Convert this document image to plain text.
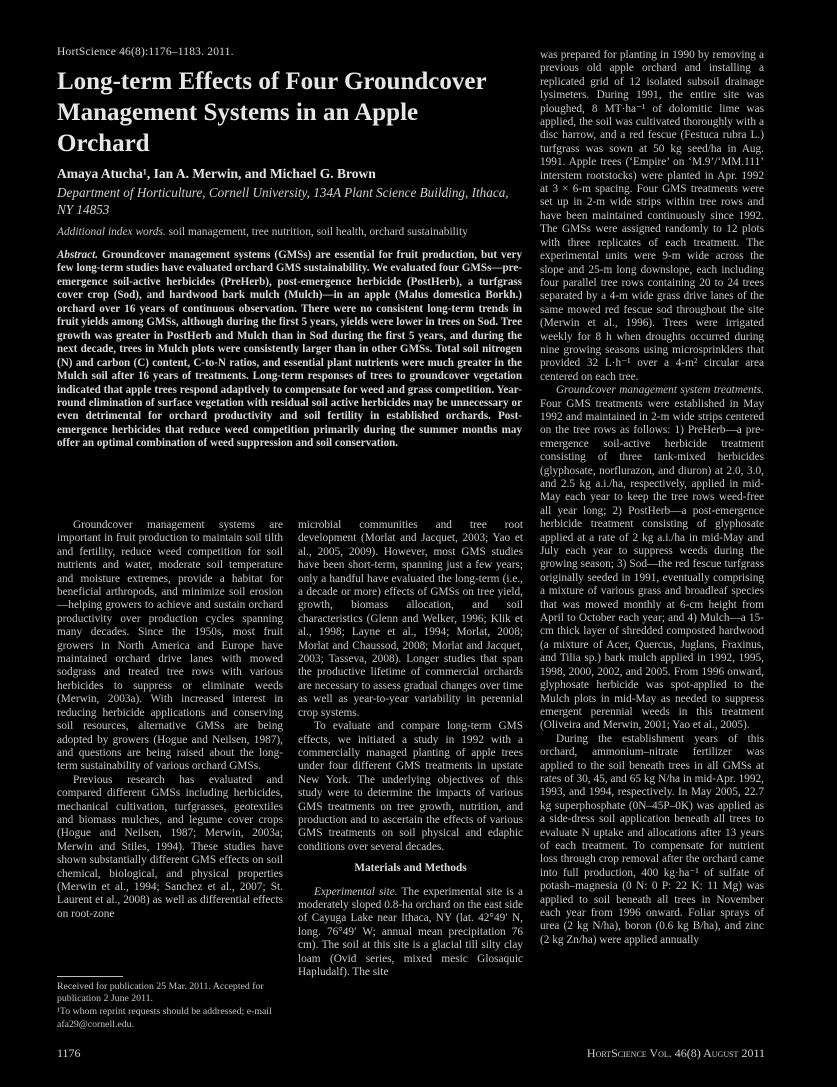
HortScience 46(8):1176–1183. 2011.
Long-term Effects of Four Groundcover Management Systems in an Apple Orchard
Amaya Atucha¹, Ian A. Merwin, and Michael G. Brown
Department of Horticulture, Cornell University, 134A Plant Science Building, Ithaca, NY 14853
Additional index words. soil management, tree nutrition, soil health, orchard sustainability
Abstract. Groundcover management systems (GMSs) are essential for fruit production, but very few long-term studies have evaluated orchard GMS sustainability. We evaluated four GMSs—pre-emergence soil-active herbicides (PreHerb), post-emergence herbicide (PostHerb), a turfgrass cover crop (Sod), and hardwood bark mulch (Mulch)—in an apple (Malus domestica Borkh.) orchard over 16 years of continuous observation. There were no consistent long-term trends in fruit yields among GMSs, although during the first 5 years, yields were lower in trees on Sod. Tree growth was greater in PostHerb and Mulch than in Sod during the first 5 years, and during the next decade, trees in Mulch plots were consistently larger than in other GMSs. Total soil nitrogen (N) and carbon (C) content, C-to-N ratios, and essential plant nutrients were much greater in the Mulch soil after 16 years of treatments. Long-term responses of trees to groundcover vegetation indicated that apple trees respond adaptively to compensate for weed and grass competition. Year-round elimination of surface vegetation with residual soil active herbicides may be unnecessary or even detrimental for orchard productivity and soil fertility in established orchards. Post-emergence herbicides that reduce weed competition primarily during the summer months may offer an optimal combination of weed suppression and soil conservation.

Groundcover management systems are important in fruit production to maintain soil tilth and fertility, reduce weed competition for soil nutrients and water, moderate soil temperature and moisture extremes, provide a habitat for beneficial arthropods, and minimize soil erosion—helping growers to achieve and sustain orchard productivity over production cycles spanning many decades. Since the 1950s, most fruit growers in North America and Europe have maintained orchard drive lanes with mowed sodgrass and treated tree rows with various herbicides to suppress or eliminate weeds (Merwin, 2003a). With increased interest in reducing herbicide applications and conserving soil resources, alternative GMSs are being adopted by growers (Hogue and Neilsen, 1987), and questions are being raised about the long-term sustainability of various orchard GMSs.

Previous research has evaluated and compared different GMSs including herbicides, mechanical cultivation, turfgrasses, geotextiles and biomass mulches, and legume cover crops (Hogue and Neilsen, 1987; Merwin, 2003a; Merwin and Stiles, 1994). These studies have shown substantially different GMS effects on soil chemical, biological, and physical properties (Merwin et al., 1994; Sanchez et al., 2007; St. Laurent et al., 2008) as well as differential effects on root-zone

microbial communities and tree root development (Morlat and Jacquet, 2003; Yao et al., 2005, 2009). However, most GMS studies have been short-term, spanning just a few years; only a handful have evaluated the long-term (i.e., a decade or more) effects of GMSs on tree yield, growth, biomass allocation, and soil characteristics (Glenn and Welker, 1996; Klik et al., 1998; Layne et al., 1994; Morlat, 2008; Morlat and Chaussod, 2008; Morlat and Jacquet, 2003; Tasseva, 2008). Longer studies that span the productive lifetime of commercial orchards are necessary to assess gradual changes over time as well as year-to-year variability in perennial crop systems.

To evaluate and compare long-term GMS effects, we initiated a study in 1992 with a commercially managed planting of apple trees under four different GMS treatments in upstate New York. The underlying objectives of this study were to determine the impacts of various GMS treatments on tree growth, nutrition, and production and to ascertain the effects of various GMS treatments on soil physical and edaphic conditions over several decades.

Materials and Methods

Experimental site. The experimental site is a moderately sloped 0.8-ha orchard on the east side of Cayuga Lake near Ithaca, NY (lat. 42°49′ N, long. 76°49′ W; annual mean precipitation 76 cm). The soil at this site is a glacial till silty clay loam (Ovid series, mixed mesic Glosaquic Hapludalf). The site

was prepared for planting in 1990 by removing a previous old apple orchard and installing a replicated grid of 12 isolated subsoil drainage lysimeters. During 1991, the entire site was ploughed, 8 MT·ha⁻¹ of dolomitic lime was applied, the soil was cultivated thoroughly with a disc harrow, and a red fescue (Festuca rubra L.) turfgrass was sown at 50 kg seed/ha in Aug. 1991. Apple trees (‘Empire’ on ‘M.9’/‘MM.111’ interstem rootstocks) were planted in Apr. 1992 at 3 × 6-m spacing. Four GMS treatments were set up in 2-m wide strips within tree rows and have been maintained continuously since 1992. The GMSs were assigned randomly to 12 plots with three replicates of each treatment. The experimental units were 9-m wide across the slope and 25-m long downslope, each including four parallel tree rows containing 20 to 24 trees separated by a 4-m wide grass drive lanes of the same mowed red fescue sod throughout the site (Merwin et al., 1996). Trees were irrigated weekly for 8 h when droughts occurred during nine growing seasons using microsprinklers that provided 32 L·h⁻¹ over a 4-m² circular area centered on each tree.

Groundcover management system treatments. Four GMS treatments were established in May 1992 and maintained in 2-m wide strips centered on the tree rows as follows: 1) PreHerb—a pre-emergence soil-active herbicide treatment consisting of three tank-mixed herbicides (glyphosate, norflurazon, and diuron) at 2.0, 3.0, and 2.5 kg a.i./ha, respectively, applied in mid-May each year to keep the tree rows weed-free all year long; 2) PostHerb—a post-emergence herbicide treatment consisting of glyphosate applied at a rate of 2 kg a.i./ha in mid-May and July each year to suppress weeds during the growing season; 3) Sod—the red fescue turfgrass originally seeded in 1991, eventually comprising a mixture of various grass and broadleaf species that was mowed monthly at 6-cm height from April to October each year; and 4) Mulch—a 15-cm thick layer of shredded composted hardwood (a mixture of Acer, Quercus, Juglans, Fraxinus, and Tilia sp.) bark mulch applied in 1992, 1995, 1998, 2000, 2002, and 2005. From 1996 onward, glyphosate herbicide was spot-applied to the Mulch plots in mid-May as needed to suppress emergent perennial weeds in this treatment (Oliveira and Merwin, 2001; Yao et al., 2005).

During the establishment years of this orchard, ammonium–nitrate fertilizer was applied to the soil beneath trees in all GMSs at rates of 30, 45, and 65 kg N/ha in mid-Apr. 1992, 1993, and 1994, respectively. In May 2005, 22.7 kg superphosphate (0N–45P–0K) was applied as a side-dress soil application beneath all trees to evaluate N uptake and allocations after 13 years of each treatment. To compensate for nutrient loss through crop removal after the orchard came into full production, 400 kg·ha⁻¹ of sulfate of potash–magnesia (0 N: 0 P: 22 K: 11 Mg) was applied to soil beneath all trees in November each year from 1996 onward. Foliar sprays of urea (2 kg N/ha), boron (0.6 kg B/ha), and zinc (2 kg Zn/ha) were applied annually

Received for publication 25 Mar. 2011. Accepted for publication 2 June 2011.
¹To whom reprint requests should be addressed; e-mail afa29@cornell.edu.
1176	HortScience Vol. 46(8) August 2011
